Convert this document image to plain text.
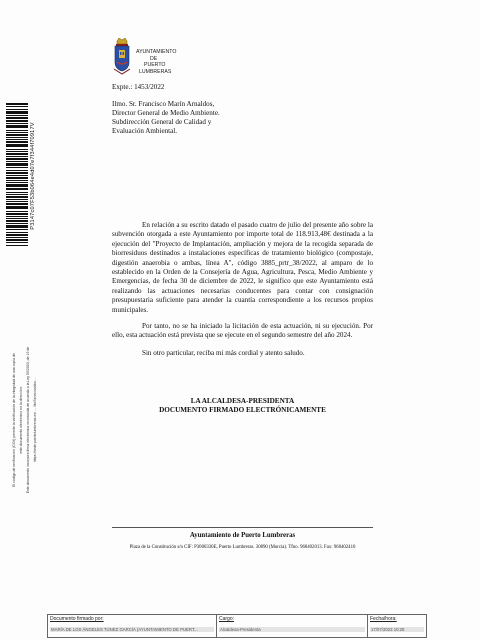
P3147c07F53b064e4d07e7f344f70917V
El código de verificación (CSV) permite la verificación de la integridad de una copia de este documento electrónico en la dirección: Este documento incorpora firma electrónica reconocida de acuerdo a la Ley 59/2003, de 19 de https://sede.puertolumbreras.es/ ... /lib/Servicios/doc...
AYUNTAMIENTO
DE
PUERTO
LUMBRERAS
Expte.: 1453/2022
Ilmo. Sr. Francisco Marín Arnaldos,
Director General de Medio Ambiente.
Subdirección General de Calidad y
Evaluación Ambiental.
En relación a su escrito datado el pasado cuatro de julio del presente año sobre la subvención otorgada a este Ayuntamiento por importe total de 118.913,48€ destinada a la ejecución del "Proyecto de Implantación, ampliación y mejora de la recogida separada de biorresiduos destinados a instalaciones específicas de tratamiento biológico (compostaje, digestión anaerobia o ambas, línea A", código 3885_prtr_38/2022, al amparo de lo establecido en la Orden de la Consejería de Agua, Agricultura, Pesca, Medio Ambiente y Emergencias, de fecha 30 de diciembre de 2022, le significo que este Ayuntamiento está realizando las actuaciones necesarias conducentes para contar con consignación presupuestaria suficiente para atender la cuantía correspondiente a los recursos propios municipales.
Por tanto, no se ha iniciado la licitación de esta actuación, ni su ejecución. Por ello, esta actuación está prevista que se ejecute en el segundo semestre del año 2024.
Sin otro particular, reciba mi más cordial y atento saludo.
LA ALCALDESA-PRESIDENTA
DOCUMENTO FIRMADO ELECTRÓNICAMENTE
Ayuntamiento de Puerto Lumbreras
Plaza de la Constitución s/n CIF: P3000330E, Puerto Lumbreras. 30890 (Murcia). Tfno. 968402013. Fax: 968402410
Documento firmado por:
MARÍA DE LOS ÁNGELES TÚNEZ GARCÍA (AYUNTAMIENTO DE PUERT...
Cargo:
Alcaldesa-Presidenta
Fecha/hora:
17/07/2023 10:28
